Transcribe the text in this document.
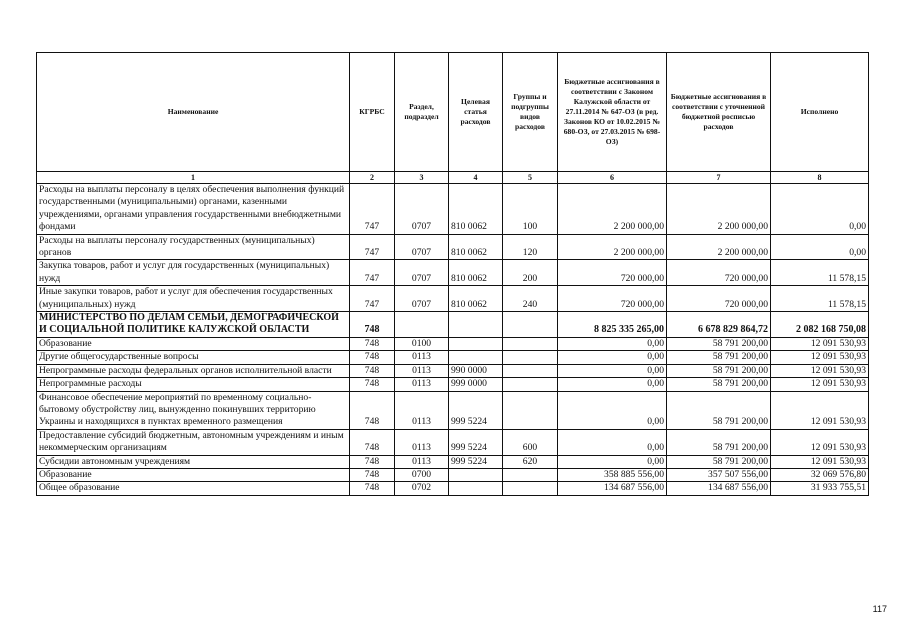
Наименование	КГРБС	Раздел, подраздел	Целевая статья расходов	Группы и подгруппы видов расходов	Бюджетные ассигнования в соответствии с Законом Калужской области от 27.11.2014 № 647-ОЗ (в ред. Законов КО от 10.02.2015 № 680-ОЗ, от 27.03.2015 № 698-ОЗ)	Бюджетные ассигнования в соответствии с уточненной бюджетной росписью расходов	Исполнено
1	2	3	4	5	6	7	8
Расходы на выплаты персоналу в целях обеспечения выполнения функций государственными (муниципальными) органами, казенными учреждениями, органами управления государственными внебюджетными фондами	747	0707	810 0062	100	2 200 000,00	2 200 000,00	0,00
Расходы на выплаты персоналу государственных (муниципальных) органов	747	0707	810 0062	120	2 200 000,00	2 200 000,00	0,00
Закупка товаров, работ и услуг для государственных (муниципальных) нужд	747	0707	810 0062	200	720 000,00	720 000,00	11 578,15
Иные закупки товаров, работ и услуг для обеспечения государственных (муниципальных) нужд	747	0707	810 0062	240	720 000,00	720 000,00	11 578,15
МИНИСТЕРСТВО ПО ДЕЛАМ СЕМЬИ, ДЕМОГРАФИЧЕСКОЙ И СОЦИАЛЬНОЙ ПОЛИТИКЕ КАЛУЖСКОЙ ОБЛАСТИ	748				8 825 335 265,00	6 678 829 864,72	2 082 168 750,08
Образование	748	0100			0,00	58 791 200,00	12 091 530,93
Другие общегосударственные вопросы	748	0113			0,00	58 791 200,00	12 091 530,93
Непрограммные расходы федеральных органов исполнительной власти	748	0113	990 0000		0,00	58 791 200,00	12 091 530,93
Непрограммные расходы	748	0113	999 0000		0,00	58 791 200,00	12 091 530,93
Финансовое обеспечение мероприятий по временному социально-бытовому обустройству лиц, вынужденно покинувших территорию Украины и находящихся в пунктах временного размещения	748	0113	999 5224		0,00	58 791 200,00	12 091 530,93
Предоставление субсидий бюджетным, автономным учреждениям и иным некоммерческим организациям	748	0113	999 5224	600	0,00	58 791 200,00	12 091 530,93
Субсидии автономным учреждениям	748	0113	999 5224	620	0,00	58 791 200,00	12 091 530,93
Образование	748	0700			358 885 556,00	357 507 556,00	32 069 576,80
Общее образование	748	0702			134 687 556,00	134 687 556,00	31 933 755,51
117
